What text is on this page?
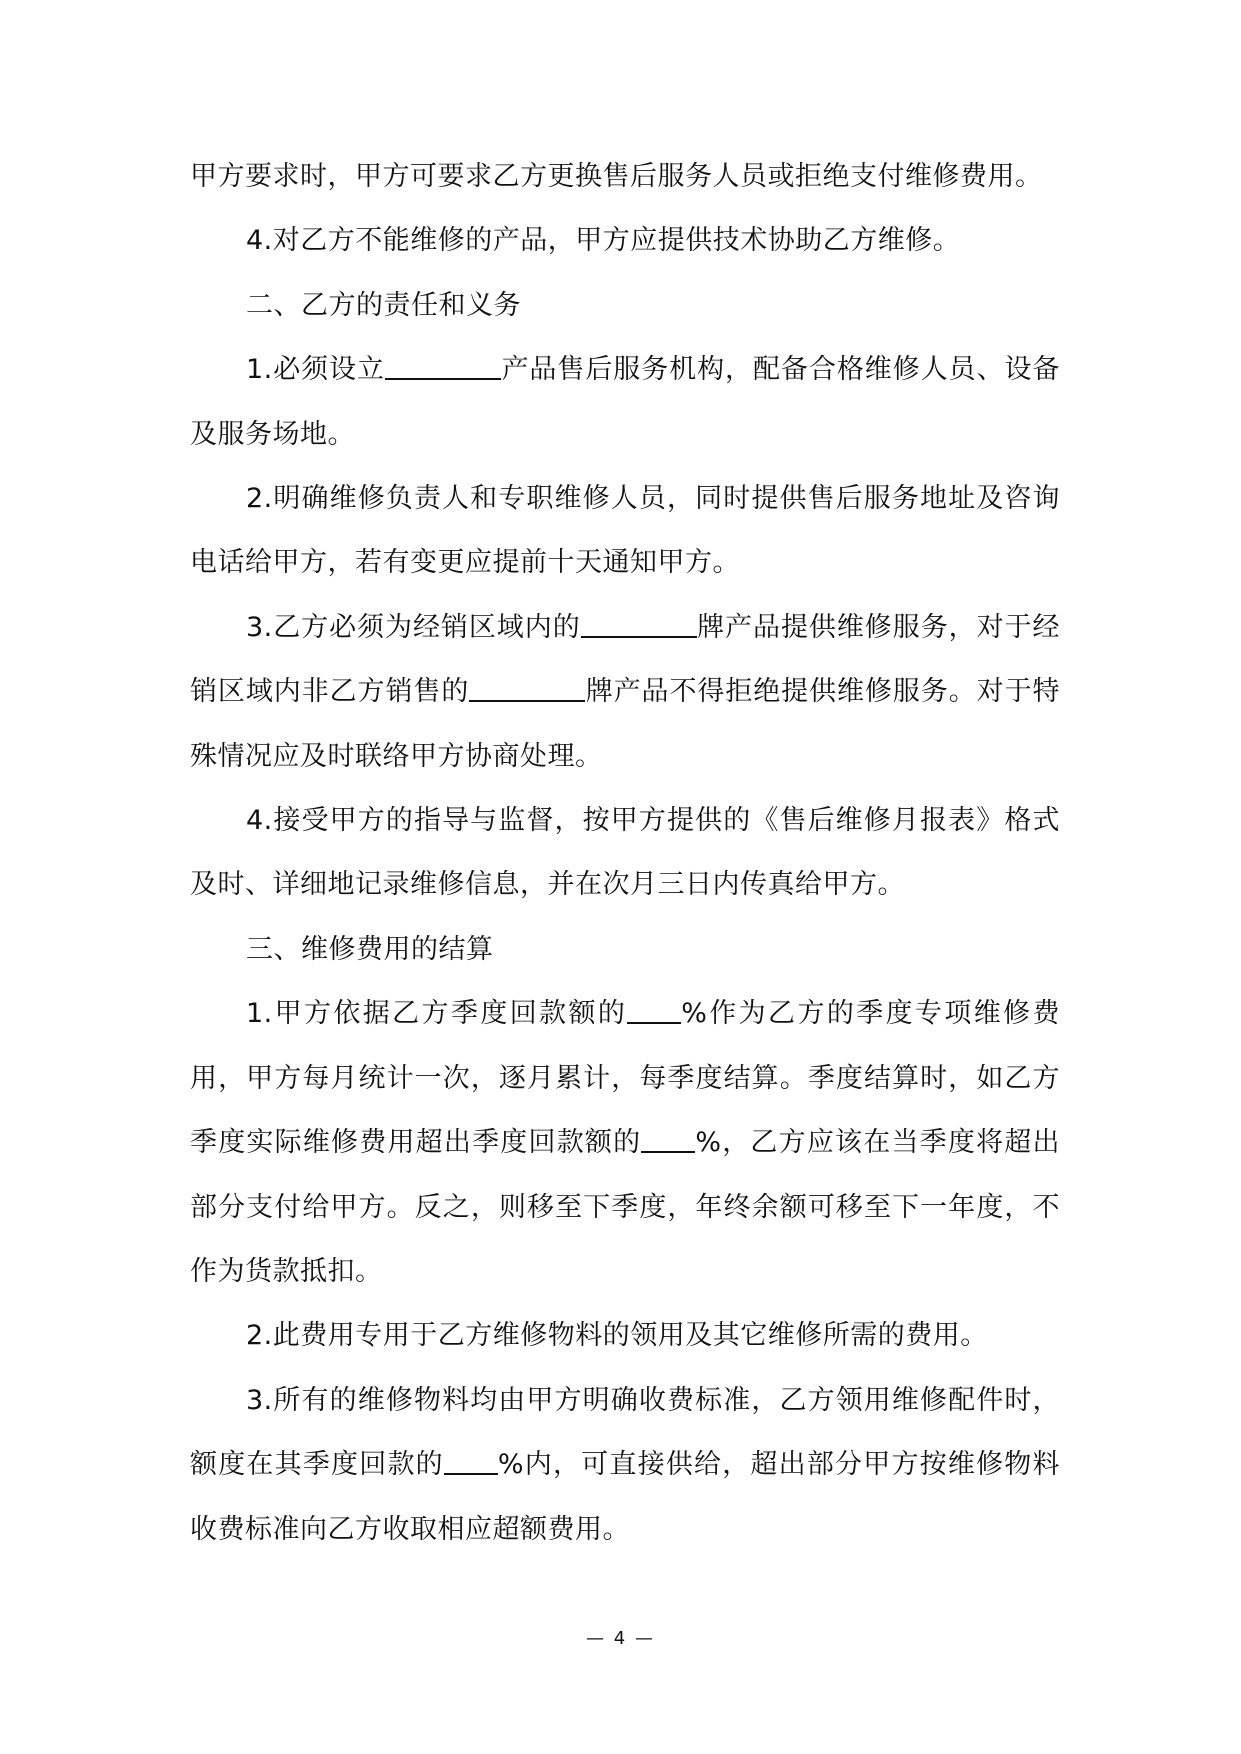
甲方要求时，甲方可要求乙方更换售后服务人员或拒绝支付维修费用。

4.对乙方不能维修的产品，甲方应提供技术协助乙方维修。

二、乙方的责任和义务

1.必须设立	产品售后服务机构，配备合格维修人员、设备及服务场地。

2.明确维修负责人和专职维修人员，同时提供售后服务地址及咨询电话给甲方，若有变更应提前十天通知甲方。

3.乙方必须为经销区域内的	牌产品提供维修服务，对于经销区域内非乙方销售的	牌产品不得拒绝提供维修服务。对于特殊情况应及时联络甲方协商处理。

4.接受甲方的指导与监督，按甲方提供的《售后维修月报表》格式及时、详细地记录维修信息，并在次月三日内传真给甲方。

三、维修费用的结算

1.甲方依据乙方季度回款额的 %作为乙方的季度专项维修费用，甲方每月统计一次，逐月累计，每季度结算。季度结算时，如乙方季度实际维修费用超出季度回款额的 %，乙方应该在当季度将超出部分支付给甲方。反之，则移至下季度，年终余额可移至下一年度，不作为货款抵扣。

2.此费用专用于乙方维修物料的领用及其它维修所需的费用。

3.所有的维修物料均由甲方明确收费标准，乙方领用维修配件时，额度在其季度回款的 %内，可直接供给，超出部分甲方按维修物料收费标准向乙方收取相应超额费用。

— 4 —
